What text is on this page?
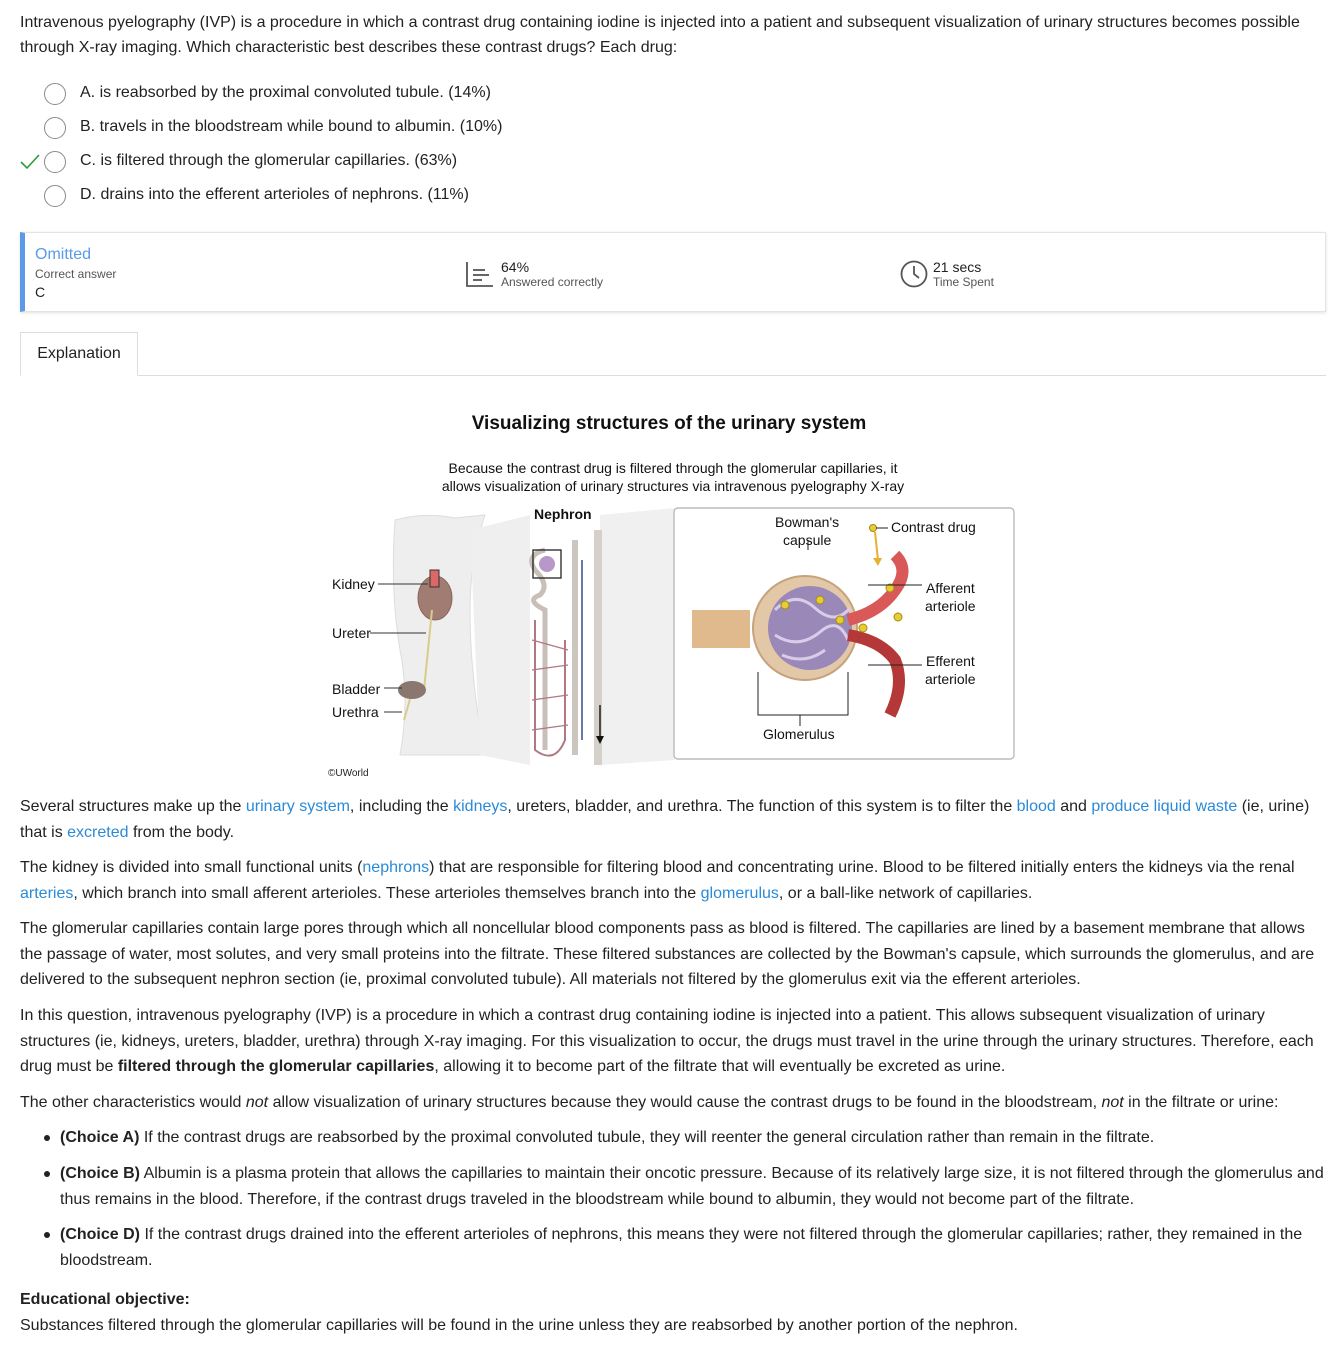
Intravenous pyelography (IVP) is a procedure in which a contrast drug containing iodine is injected into a patient and subsequent visualization of urinary structures becomes possible through X-ray imaging. Which characteristic best describes these contrast drugs? Each drug:
A. is reabsorbed by the proximal convoluted tubule. (14%)
B. travels in the bloodstream while bound to albumin. (10%)
C. is filtered through the glomerular capillaries. (63%)
D. drains into the efferent arterioles of nephrons. (11%)
Omitted
Correct answer
C
64%
Answered correctly
21 secs
Time Spent
Explanation
Visualizing structures of the urinary system
Because the contrast drug is filtered through the glomerular capillaries, it
allows visualization of urinary structures via intravenous pyelography X-ray
Kidney
Ureter
Bladder
Urethra
Nephron	Bowman's
capsule
Contrast drug
Afferent
arteriole
Efferent
arteriole
Glomerulus
©UWorld
Several structures make up the urinary system, including the kidneys, ureters, bladder, and urethra. The function of this system is to filter the blood and produce liquid waste (ie, urine) that is excreted from the body.
The kidney is divided into small functional units (nephrons) that are responsible for filtering blood and concentrating urine. Blood to be filtered initially enters the kidneys via the renal arteries, which branch into small afferent arterioles. These arterioles themselves branch into the glomerulus, or a ball-like network of capillaries.
The glomerular capillaries contain large pores through which all noncellular blood components pass as blood is filtered. The capillaries are lined by a basement membrane that allows the passage of water, most solutes, and very small proteins into the filtrate. These filtered substances are collected by the Bowman's capsule, which surrounds the glomerulus, and are delivered to the subsequent nephron section (ie, proximal convoluted tubule). All materials not filtered by the glomerulus exit via the efferent arterioles.
In this question, intravenous pyelography (IVP) is a procedure in which a contrast drug containing iodine is injected into a patient. This allows subsequent visualization of urinary structures (ie, kidneys, ureters, bladder, urethra) through X-ray imaging. For this visualization to occur, the drugs must travel in the urine through the urinary structures. Therefore, each drug must be filtered through the glomerular capillaries, allowing it to become part of the filtrate that will eventually be excreted as urine.
The other characteristics would not allow visualization of urinary structures because they would cause the contrast drugs to be found in the bloodstream, not in the filtrate or urine:
(Choice A) If the contrast drugs are reabsorbed by the proximal convoluted tubule, they will reenter the general circulation rather than remain in the filtrate.
(Choice B) Albumin is a plasma protein that allows the capillaries to maintain their oncotic pressure. Because of its relatively large size, it is not filtered through the glomerulus and thus remains in the blood. Therefore, if the contrast drugs traveled in the bloodstream while bound to albumin, they would not become part of the filtrate.
(Choice D) If the contrast drugs drained into the efferent arterioles of nephrons, this means they were not filtered through the glomerular capillaries; rather, they remained in the bloodstream.
Educational objective:
Substances filtered through the glomerular capillaries will be found in the urine unless they are reabsorbed by another portion of the nephron.
